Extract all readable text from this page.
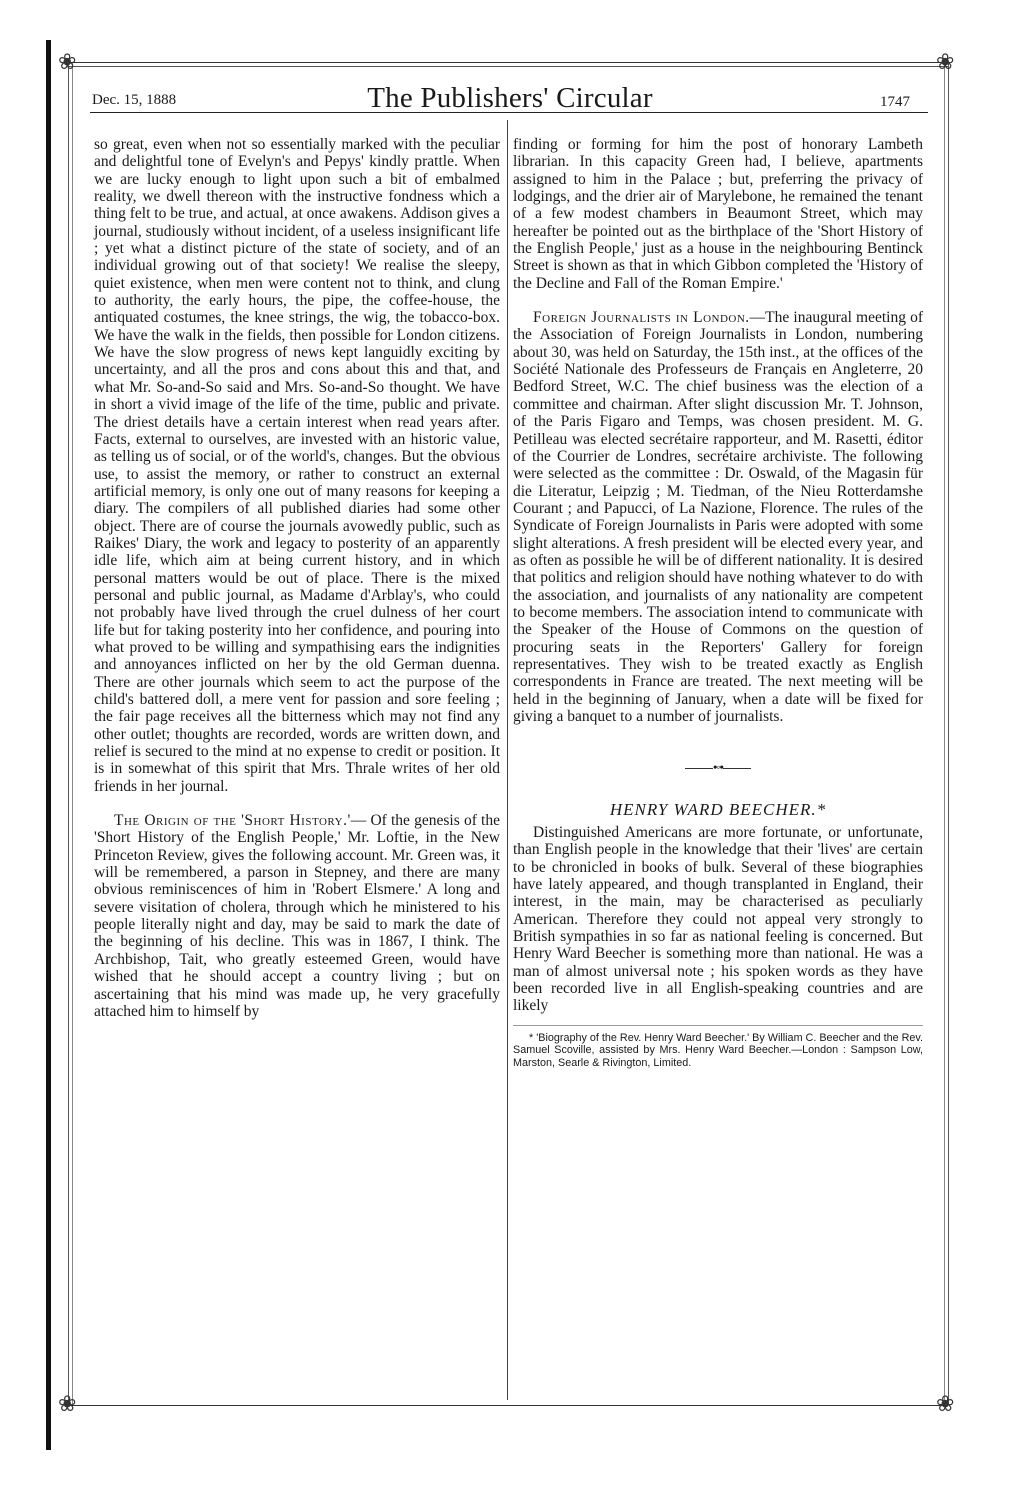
❀	❀
❀	❀
Dec. 15, 1888	The Publishers' Circular	1747

so great, even when not so essentially marked with the peculiar and delightful tone of Evelyn's and Pepys' kindly prattle. When we are lucky enough to light upon such a bit of embalmed reality, we dwell thereon with the instructive fondness which a thing felt to be true, and actual, at once awakens. Addison gives a journal, studiously without incident, of a useless insignificant life ; yet what a distinct picture of the state of society, and of an individual growing out of that society! We realise the sleepy, quiet existence, when men were content not to think, and clung to authority, the early hours, the pipe, the coffee-house, the antiquated costumes, the knee strings, the wig, the tobacco-box. We have the walk in the fields, then possible for London citizens. We have the slow progress of news kept languidly exciting by uncertainty, and all the pros and cons about this and that, and what Mr. So-and-So said and Mrs. So-and-So thought. We have in short a vivid image of the life of the time, public and private. The driest details have a certain interest when read years after. Facts, external to ourselves, are invested with an historic value, as telling us of social, or of the world's, changes. But the obvious use, to assist the memory, or rather to construct an external artificial memory, is only one out of many reasons for keeping a diary. The compilers of all published diaries had some other object. There are of course the journals avowedly public, such as Raikes' Diary, the work and legacy to posterity of an apparently idle life, which aim at being current history, and in which personal matters would be out of place. There is the mixed personal and public journal, as Madame d'Arblay's, who could not probably have lived through the cruel dulness of her court life but for taking posterity into her confidence, and pouring into what proved to be willing and sympathising ears the indignities and annoyances inflicted on her by the old German duenna. There are other journals which seem to act the purpose of the child's battered doll, a mere vent for passion and sore feeling ; the fair page receives all the bitterness which may not find any other outlet; thoughts are recorded, words are written down, and relief is secured to the mind at no expense to credit or position. It is in somewhat of this spirit that Mrs. Thrale writes of her old friends in her journal.

The Origin of the 'Short History.'— Of the genesis of the 'Short History of the English People,' Mr. Loftie, in the New Princeton Review, gives the following account. Mr. Green was, it will be remembered, a parson in Stepney, and there are many obvious reminiscences of him in 'Robert Elsmere.' A long and severe visitation of cholera, through which he ministered to his people literally night and day, may be said to mark the date of the beginning of his decline. This was in 1867, I think. The Archbishop, Tait, who greatly esteemed Green, would have wished that he should accept a country living ; but on ascertaining that his mind was made up, he very gracefully attached him to himself by

finding or forming for him the post of honorary Lambeth librarian. In this capacity Green had, I believe, apartments assigned to him in the Palace ; but, preferring the privacy of lodgings, and the drier air of Marylebone, he remained the tenant of a few modest chambers in Beaumont Street, which may hereafter be pointed out as the birthplace of the 'Short History of the English People,' just as a house in the neighbouring Bentinck Street is shown as that in which Gibbon completed the 'History of the Decline and Fall of the Roman Empire.'

Foreign Journalists in London.—The inaugural meeting of the Association of Foreign Journalists in London, numbering about 30, was held on Saturday, the 15th inst., at the offices of the Société Nationale des Professeurs de Français en Angleterre, 20 Bedford Street, W.C. The chief business was the election of a committee and chairman. After slight discussion Mr. T. Johnson, of the Paris Figaro and Temps, was chosen president. M. G. Petilleau was elected secrétaire rapporteur, and M. Rasetti, éditor of the Courrier de Londres, secrétaire archiviste. The following were selected as the committee : Dr. Oswald, of the Magasin für die Literatur, Leipzig ; M. Tiedman, of the Nieu Rotterdamshe Courant ; and Papucci, of La Nazione, Florence. The rules of the Syndicate of Foreign Journalists in Paris were adopted with some slight alterations. A fresh president will be elected every year, and as often as possible he will be of different nationality. It is desired that politics and religion should have nothing whatever to do with the association, and journalists of any nationality are competent to become members. The association intend to communicate with the Speaker of the House of Commons on the question of procuring seats in the Reporters' Gallery for foreign representatives. They wish to be treated exactly as English correspondents in France are treated. The next meeting will be held in the beginning of January, when a date will be fixed for giving a banquet to a number of journalists.

•◦•
HENRY WARD BEECHER.*

Distinguished Americans are more fortunate, or unfortunate, than English people in the knowledge that their 'lives' are certain to be chronicled in books of bulk. Several of these biographies have lately appeared, and though transplanted in England, their interest, in the main, may be characterised as peculiarly American. Therefore they could not appeal very strongly to British sympathies in so far as national feeling is concerned. But Henry Ward Beecher is something more than national. He was a man of almost universal note ; his spoken words as they have been recorded live in all English-speaking countries and are likely

* 'Biography of the Rev. Henry Ward Beecher.' By William C. Beecher and the Rev. Samuel Scoville, assisted by Mrs. Henry Ward Beecher.—London : Sampson Low, Marston, Searle & Rivington, Limited.
